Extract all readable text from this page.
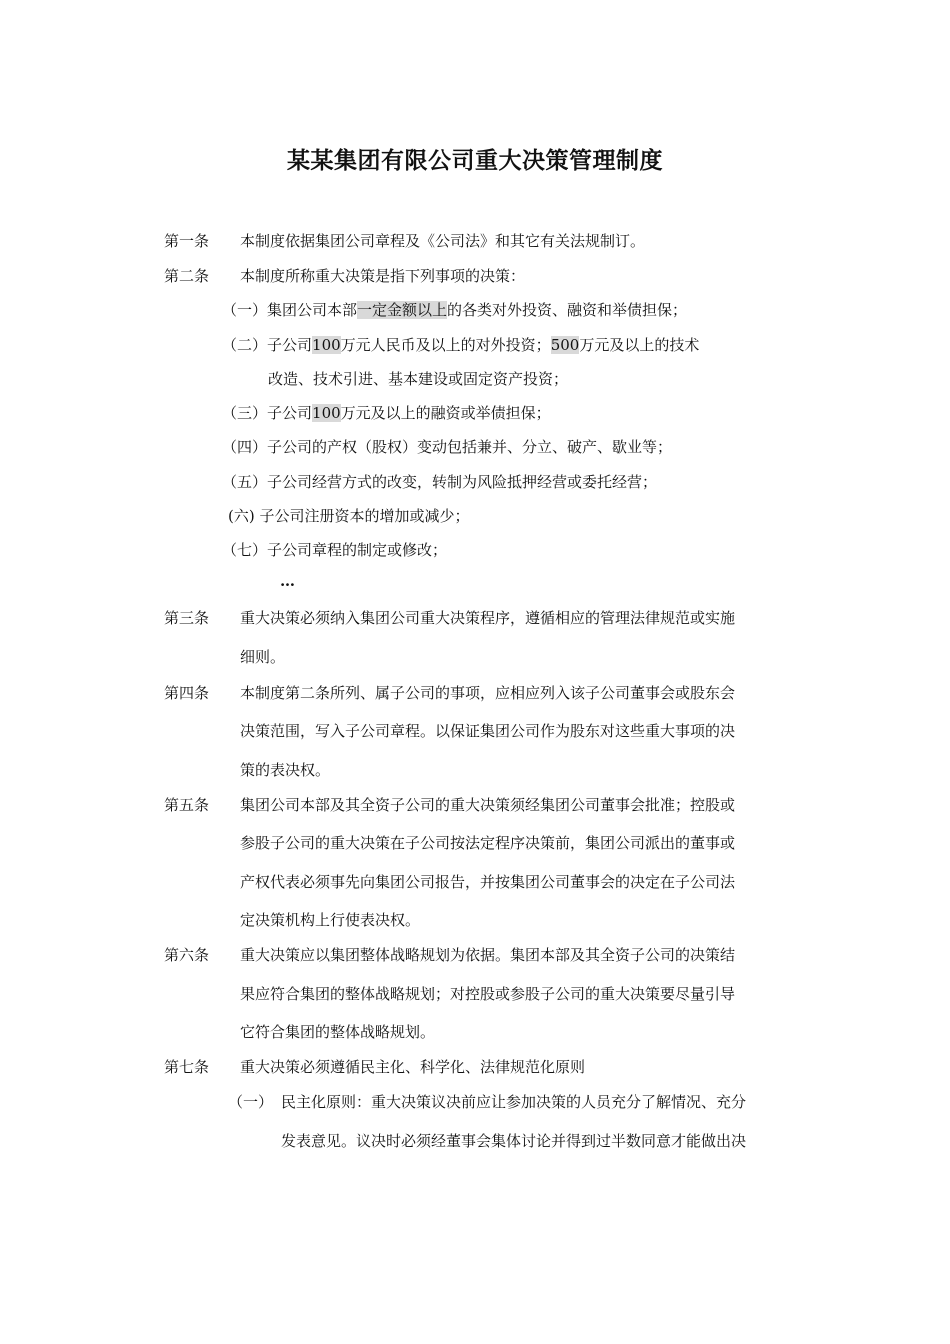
某某集团有限公司重大决策管理制度
第一条 本制度依据集团公司章程及《公司法》和其它有关法规制订。
第二条 本制度所称重大决策是指下列事项的决策：
（一）集团公司本部一定金额以上的各类对外投资、融资和举债担保；
（二）子公司100万元人民币及以上的对外投资；500万元及以上的技术
改造、技术引进、基本建设或固定资产投资；
（三）子公司100万元及以上的融资或举债担保；
（四）子公司的产权（股权）变动包括兼并、分立、破产、歇业等；
（五）子公司经营方式的改变，转制为风险抵押经营或委托经营；
(六) 子公司注册资本的增加或减少；
（七）子公司章程的制定或修改；
…
第三条 重大决策必须纳入集团公司重大决策程序，遵循相应的管理法律规范或实施
细则。
第四条 本制度第二条所列、属子公司的事项，应相应列入该子公司董事会或股东会
决策范围，写入子公司章程。以保证集团公司作为股东对这些重大事项的决
策的表决权。
第五条 集团公司本部及其全资子公司的重大决策须经集团公司董事会批准；控股或
参股子公司的重大决策在子公司按法定程序决策前，集团公司派出的董事或
产权代表必须事先向集团公司报告，并按集团公司董事会的决定在子公司法
定决策机构上行使表决权。
第六条 重大决策应以集团整体战略规划为依据。集团本部及其全资子公司的决策结
果应符合集团的整体战略规划；对控股或参股子公司的重大决策要尽量引导
它符合集团的整体战略规划。
第七条 重大决策必须遵循民主化、科学化、法律规范化原则
（一） 民主化原则：重大决策议决前应让参加决策的人员充分了解情况、充分
发表意见。议决时必须经董事会集体讨论并得到过半数同意才能做出决
